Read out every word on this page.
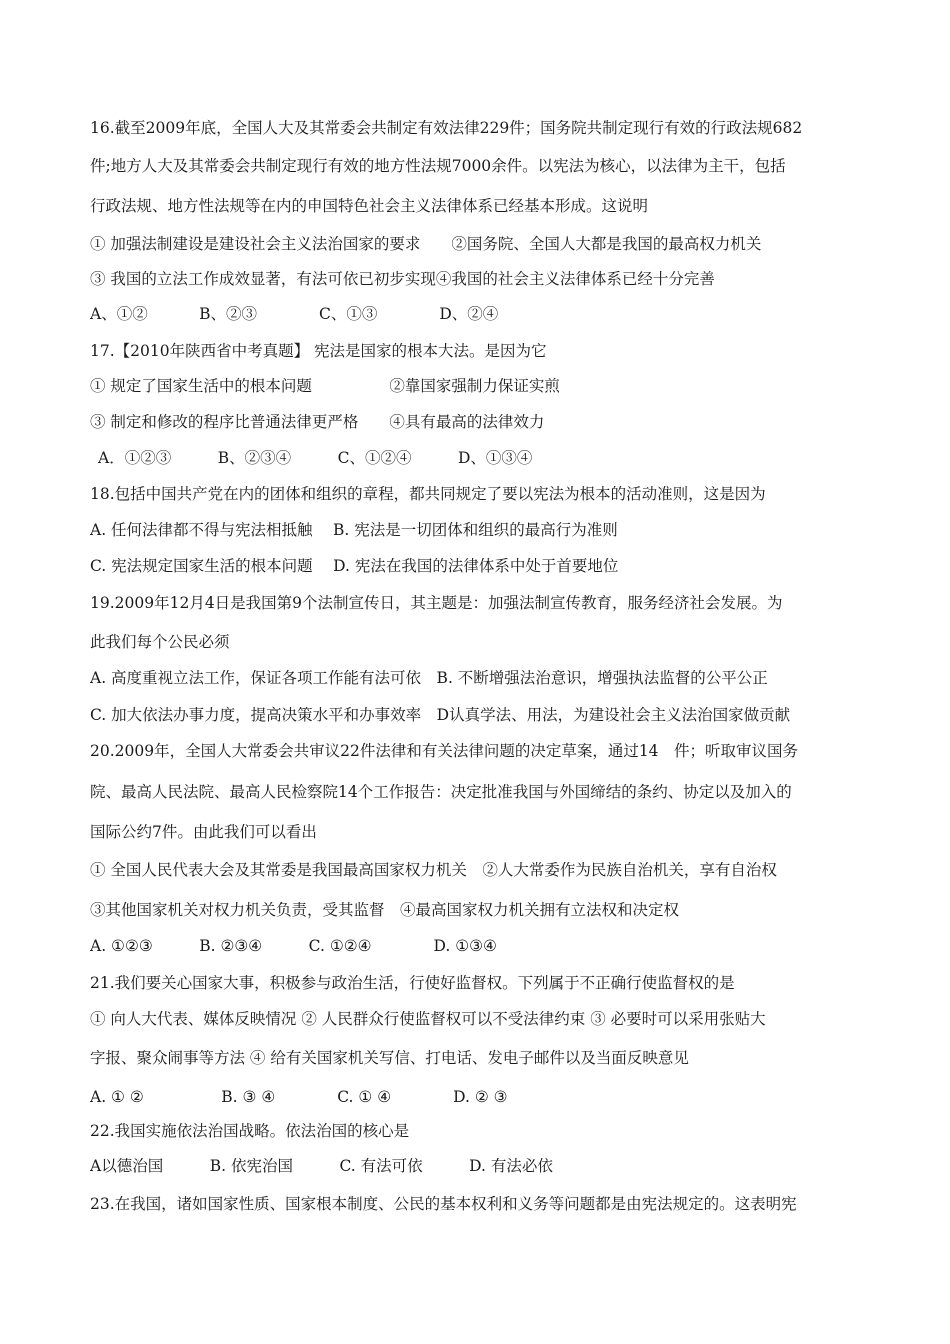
16.截至2009年底，全国人大及其常委会共制定有效法律229件；国务院共制定现行有效的行政法规682
件;地方人大及其常委会共制定现行有效的地方性法规7000余件。以宪法为核心，以法律为主干，包括
行政法规、地方性法规等在内的申国特色社会主义法律体系已经基本形成。这说明
① 加强法制建设是建设社会主义法治国家的要求　　②国务院、全国人大都是我国的最高权力机关
③ 我国的立法工作成效显著，有法可依已初步实现④我国的社会主义法律体系已经十分完善
A、①②　　　 B、②③　　　　C、①③　　　　D、②④
17.【2010年陕西省中考真题】 宪法是国家的根本大法。是因为它
① 规定了国家生活中的根本问题　　　　　②靠国家强制力保证实煎
③ 制定和修改的程序比普通法律更严格　　④具有最高的法律效力
A．①②③　　　B、②③④　　　C、①②④　　　D、①③④
18.包括中国共产党在内的团体和组织的章程，都共同规定了要以宪法为根本的活动准则，这是因为
A. 任何法律都不得与宪法相抵触　 B. 宪法是一切团体和组织的最高行为准则
C. 宪法规定国家生活的根本问题　 D. 宪法在我国的法律体系中处于首要地位
19.2009年12月4日是我国第9个法制宣传日，其主题是：加强法制宣传教育，服务经济社会发展。为
此我们每个公民必须
A. 高度重视立法工作，保证各项工作能有法可依　B. 不断增强法治意识，增强执法监督的公平公正
C. 加大依法办事力度，提高决策水平和办事效率　D认真学法、用法，为建设社会主义法治国家做贡献
20.2009年，全国人大常委会共审议22件法律和有关法律问题的决定草案，通过14　件；听取审议国务
院、最高人民法院、最高人民检察院14个工作报告：决定批准我国与外国缔结的条约、协定以及加入的
国际公约7件。由此我们可以看出
① 全国人民代表大会及其常委是我国最高国家权力机关　②人大常委作为民族自治机关，享有自治权
③其他国家机关对权力机关负责，受其监督　④最高国家权力机关拥有立法权和决定权
A. ①②③　　　B. ②③④　　　C. ①②④　　　　D. ①③④
21.我们要关心国家大事，积极参与政治生活，行使好监督权。下列属于不正确行使监督权的是
① 向人大代表、媒体反映情况 ② 人民群众行使监督权可以不受法律约束 ③ 必要时可以采用张贴大
字报、聚众闹事等方法 ④ 给有关国家机关写信、打电话、发电子邮件以及当面反映意见
A. ① ②　　　　　B. ③ ④　　　　C. ① ④　　　　D. ② ③
22.我国实施依法治国战略。依法治国的核心是
A以德治国　　　B. 依宪治国　　　C. 有法可依　　　D. 有法必依
23.在我国，诸如国家性质、国家根本制度、公民的基本权利和义务等问题都是由宪法规定的。这表明宪
